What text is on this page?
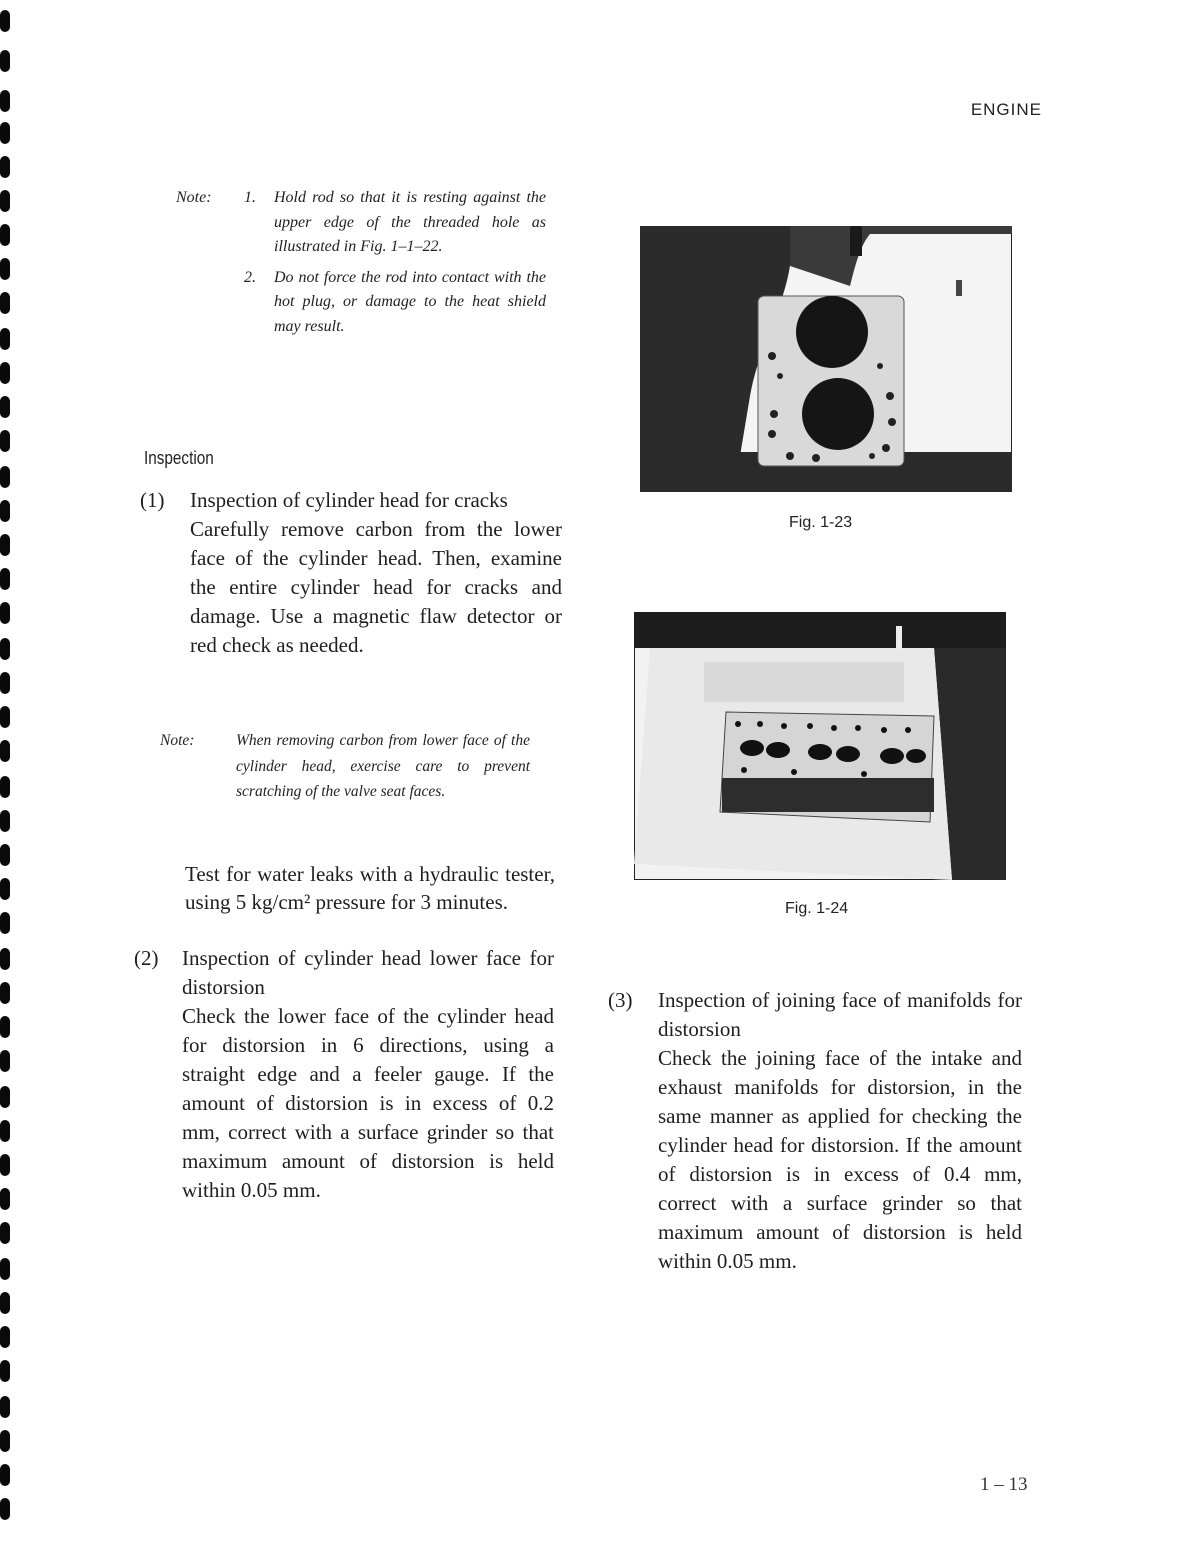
ENGINE
Note: 1. Hold rod so that it is resting against the upper edge of the threaded hole as illustrated in Fig. 1–1–22.
2. Do not force the rod into contact with the hot plug, or damage to the heat shield may result.
Inspection
(1) Inspection of cylinder head for cracks
Carefully remove carbon from the lower face of the cylinder head. Then, examine the entire cylinder head for cracks and damage. Use a magnetic flaw detector or red check as needed.
Note:	When removing carbon from lower face of the cylinder head, exercise care to prevent scratching of the valve seat faces.
Test for water leaks with a hydraulic tester, using 5 kg/cm² pressure for 3 minutes.
(2) Inspection of cylinder head lower face for distorsion
Check the lower face of the cylinder head for distorsion in 6 directions, using a straight edge and a feeler gauge. If the amount of distorsion is in excess of 0.2 mm, correct with a surface grinder so that maximum amount of distorsion is held within 0.05 mm.
(3) Inspection of joining face of manifolds for distorsion
Check the joining face of the intake and exhaust manifolds for distorsion, in the same manner as applied for checking the cylinder head for distorsion. If the amount of distorsion is in excess of 0.4 mm, correct with a surface grinder so that maximum amount of distorsion is held within 0.05 mm.
Fig. 1-23
Fig. 1-24
1 – 13
